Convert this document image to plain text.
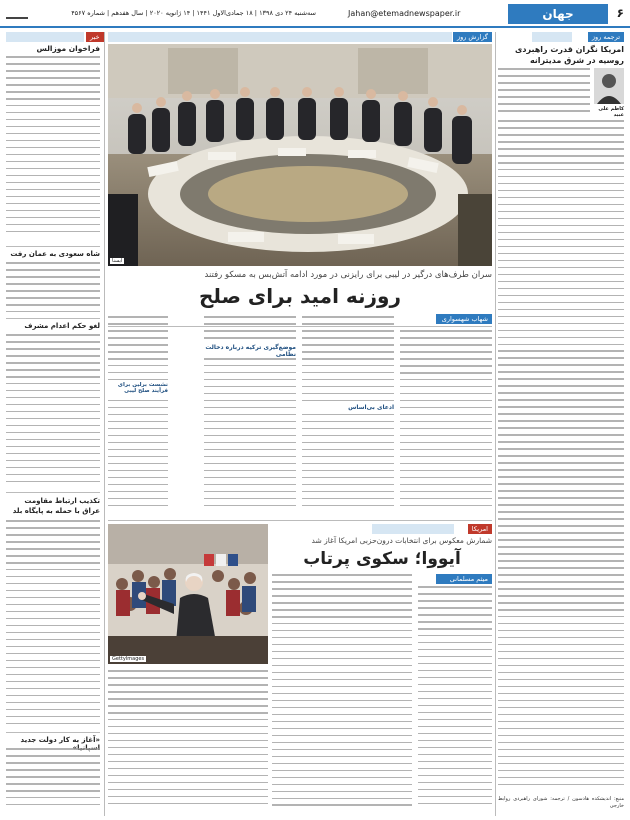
۶
جهان
Jahan@etemadnewspaper.ir
سه‌شنبه ۲۴ دی ۱۳۹۸ | ۱۸ جمادی‌الاول ۱۴۴۱ | ۱۴ ژانویه ۲۰۲۰ | سال هفدهم | شماره ۴۵۶۷
ترجمه روز
امریکا نگران قدرت راهبردی روسیه در شرق مدیترانه
کاظم علی عبید
منبع: اندیشکده هادسون / ترجمه: شورای راهبردی روابط خارجی
خبر
فراخوان موزالس
شاه سعودی به عمان رفت
لغو حکم اعدام مشرف
تکذیب ارتباط مقاومت عراق با حمله به پایگاه بلد
«آغاز به کار دولت جدید
گزارش روز
ایسنا
سران طرف‌های درگیر در لیبی برای رایزنی در مورد ادامه آتش‌بس به مسکو رفتند
روزنه امید برای صلح
شهاب شهسواری
ادعای بی‌اساس
موضع‌گیری ترکیه درباره دخالت نظامی
نشست برلین برای فرآیند صلح لیبی
امریکا
GettyImages
شمارش معکوس برای انتخابات درون‌حزبی امریکا آغاز شد
آیووا؛ سکوی پرتاب
میثم مسلمانی
